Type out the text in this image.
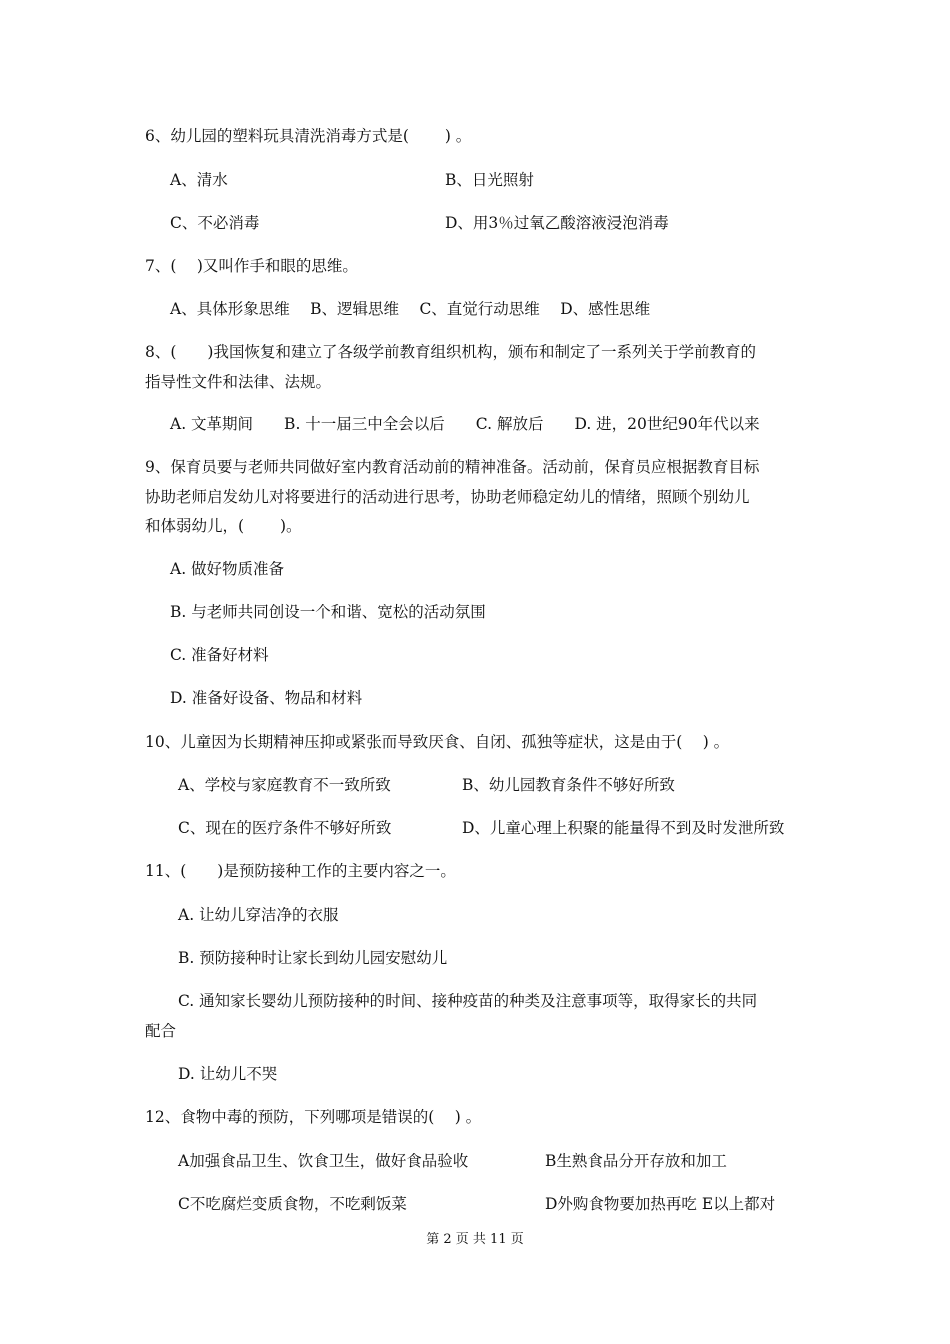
6、幼儿园的塑料玩具清洗消毒方式是(　　 ) 。
A、清水	B、日光照射
C、不必消毒	D、用3％过氧乙酸溶液浸泡消毒
7、(　 )又叫作手和眼的思维。
A、具体形象思维　 B、逻辑思维　 C、直觉行动思维　 D、感性思维
8、(　　)我国恢复和建立了各级学前教育组织机构，颁布和制定了一系列关于学前教育的
指导性文件和法律、法规。
A. 文革期间　　B. 十一届三中全会以后　　C. 解放后　　D. 进，20世纪90年代以来
9、保育员要与老师共同做好室内教育活动前的精神准备。活动前，保育员应根据教育目标
协助老师启发幼儿对将要进行的活动进行思考，协助老师稳定幼儿的情绪，照顾个别幼儿
和体弱幼儿，(　　 )。
A. 做好物质准备
B. 与老师共同创设一个和谐、宽松的活动氛围
C. 准备好材料
D. 准备好设备、物品和材料
10、儿童因为长期精神压抑或紧张而导致厌食、自闭、孤独等症状，这是由于(　 ) 。
A、学校与家庭教育不一致所致	B、幼儿园教育条件不够好所致
C、现在的医疗条件不够好所致	D、儿童心理上积聚的能量得不到及时发泄所致
11、(　　)是预防接种工作的主要内容之一。
A. 让幼儿穿洁净的衣服
B. 预防接种时让家长到幼儿园安慰幼儿
C. 通知家长婴幼儿预防接种的时间、接种疫苗的种类及注意事项等，取得家长的共同
配合
D. 让幼儿不哭
12、食物中毒的预防，下列哪项是错误的(　 ) 。
A加强食品卫生、饮食卫生，做好食品验收	B生熟食品分开存放和加工
C不吃腐烂变质食物，不吃剩饭菜	D外购食物要加热再吃 E以上都对
第 2 页 共 11 页
